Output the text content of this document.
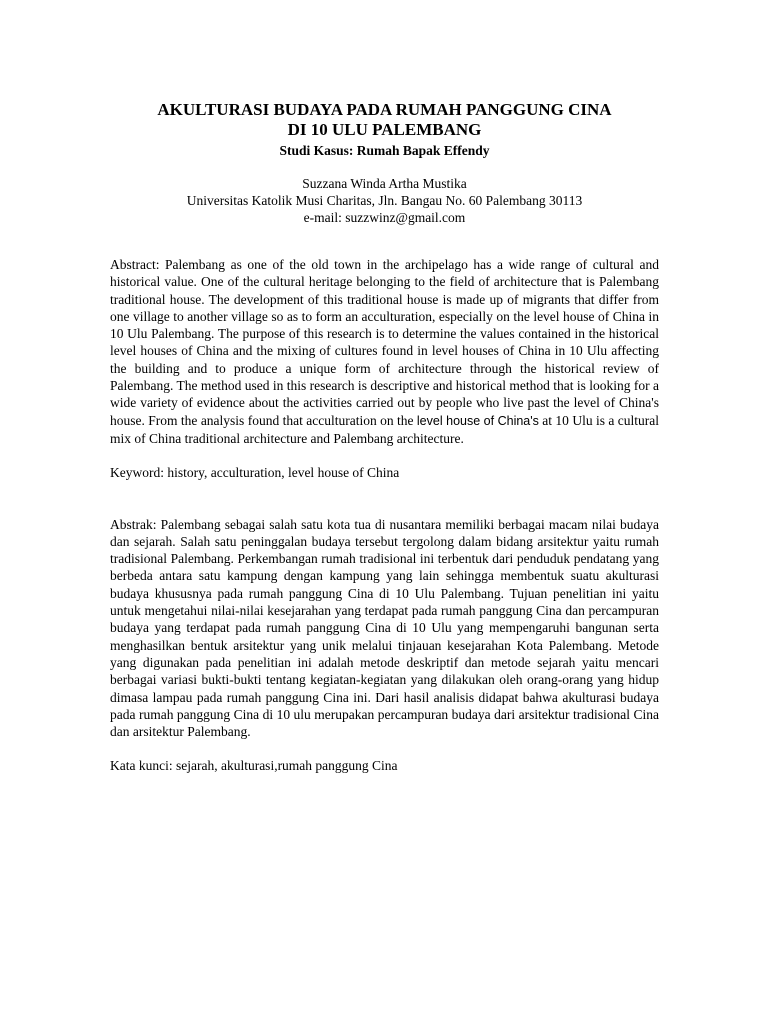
AKULTURASI BUDAYA PADA RUMAH PANGGUNG CINA
DI 10 ULU PALEMBANG
Studi Kasus: Rumah Bapak Effendy
Suzzana Winda Artha Mustika
Universitas Katolik Musi Charitas, Jln. Bangau No. 60 Palembang 30113
e-mail: suzzwinz@gmail.com

Abstract: Palembang as one of the old town in the archipelago has a wide range of cultural and historical value. One of the cultural heritage belonging to the field of architecture that is Palembang traditional house. The development of this traditional house is made up of migrants that differ from one village to another village so as to form an acculturation, especially on the level house of China in 10 Ulu Palembang. The purpose of this research is to determine the values contained in the historical level houses of China and the mixing of cultures found in level houses of China in 10 Ulu affecting the building and to produce a unique form of architecture through the historical review of Palembang. The method used in this research is descriptive and historical method that is looking for a wide variety of evidence about the activities carried out by people who live past the level of China's house. From the analysis found that acculturation on the level house of China's at 10 Ulu is a cultural mix of China traditional architecture and Palembang architecture.

Keyword: history, acculturation, level house of China

Abstrak: Palembang sebagai salah satu kota tua di nusantara memiliki berbagai macam nilai budaya dan sejarah. Salah satu peninggalan budaya tersebut tergolong dalam bidang arsitektur yaitu rumah tradisional Palembang. Perkembangan rumah tradisional ini terbentuk dari penduduk pendatang yang berbeda antara satu kampung dengan kampung yang lain sehingga membentuk suatu akulturasi budaya khususnya pada rumah panggung Cina di 10 Ulu Palembang. Tujuan penelitian ini yaitu untuk mengetahui nilai-nilai kesejarahan yang terdapat pada rumah panggung Cina dan percampuran budaya yang terdapat pada rumah panggung Cina di 10 Ulu yang mempengaruhi bangunan serta menghasilkan bentuk arsitektur yang unik melalui tinjauan kesejarahan Kota Palembang. Metode yang digunakan pada penelitian ini adalah metode deskriptif dan metode sejarah yaitu mencari berbagai variasi bukti-bukti tentang kegiatan-kegiatan yang dilakukan oleh orang-orang yang hidup dimasa lampau pada rumah panggung Cina ini. Dari hasil analisis didapat bahwa akulturasi budaya pada rumah panggung Cina di 10 ulu merupakan percampuran budaya dari arsitektur tradisional Cina dan arsitektur Palembang.

Kata kunci: sejarah, akulturasi,rumah panggung Cina
